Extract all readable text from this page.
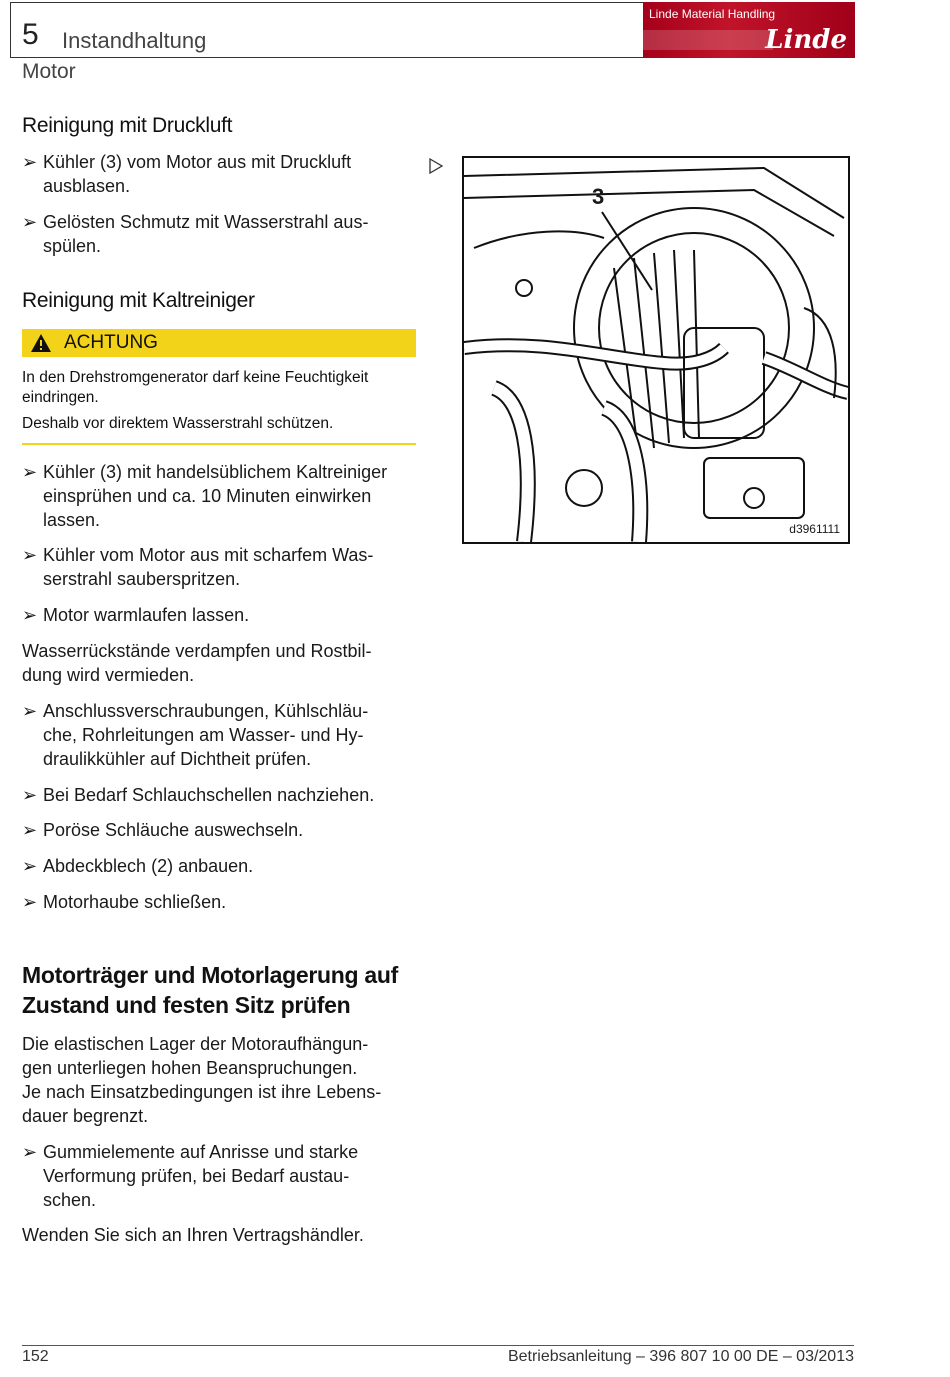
5 Instandhaltung
Motor
Linde Material Handling
Linde
Reinigung mit Druckluft
➢ Kühler (3) vom Motor aus mit Druckluft
ausblasen.
➢ Gelösten Schmutz mit Wasserstrahl aus-
spülen.
Reinigung mit Kaltreiniger
ACHTUNG
In den Drehstromgenerator darf keine Feuchtigkeit
eindringen.
Deshalb vor direktem Wasserstrahl schützen.
➢ Kühler (3) mit handelsüblichem Kaltreiniger
einsprühen und ca. 10 Minuten einwirken
lassen.
➢ Kühler vom Motor aus mit scharfem Was-
serstrahl sauberspritzen.
➢ Motor warmlaufen lassen.
Wasserrückstände verdampfen und Rostbil-
dung wird vermieden.
➢ Anschlussverschraubungen, Kühlschläu-
che, Rohrleitungen am Wasser- und Hy-
draulikkühler auf Dichtheit prüfen.
➢ Bei Bedarf Schlauchschellen nachziehen.
➢ Poröse Schläuche auswechseln.
➢ Abdeckblech (2) anbauen.
➢ Motorhaube schließen.
Motorträger und Motorlagerung auf
Zustand und festen Sitz prüfen
Die elastischen Lager der Motoraufhängun-
gen unterliegen hohen Beanspruchungen.
Je nach Einsatzbedingungen ist ihre Lebens-
dauer begrenzt.
➢ Gummielemente auf Anrisse und starke
Verformung prüfen, bei Bedarf austau-
schen.
Wenden Sie sich an Ihren Vertragshändler.
3
d3961111
152	Betriebsanleitung – 396 807 10 00 DE – 03/2013
